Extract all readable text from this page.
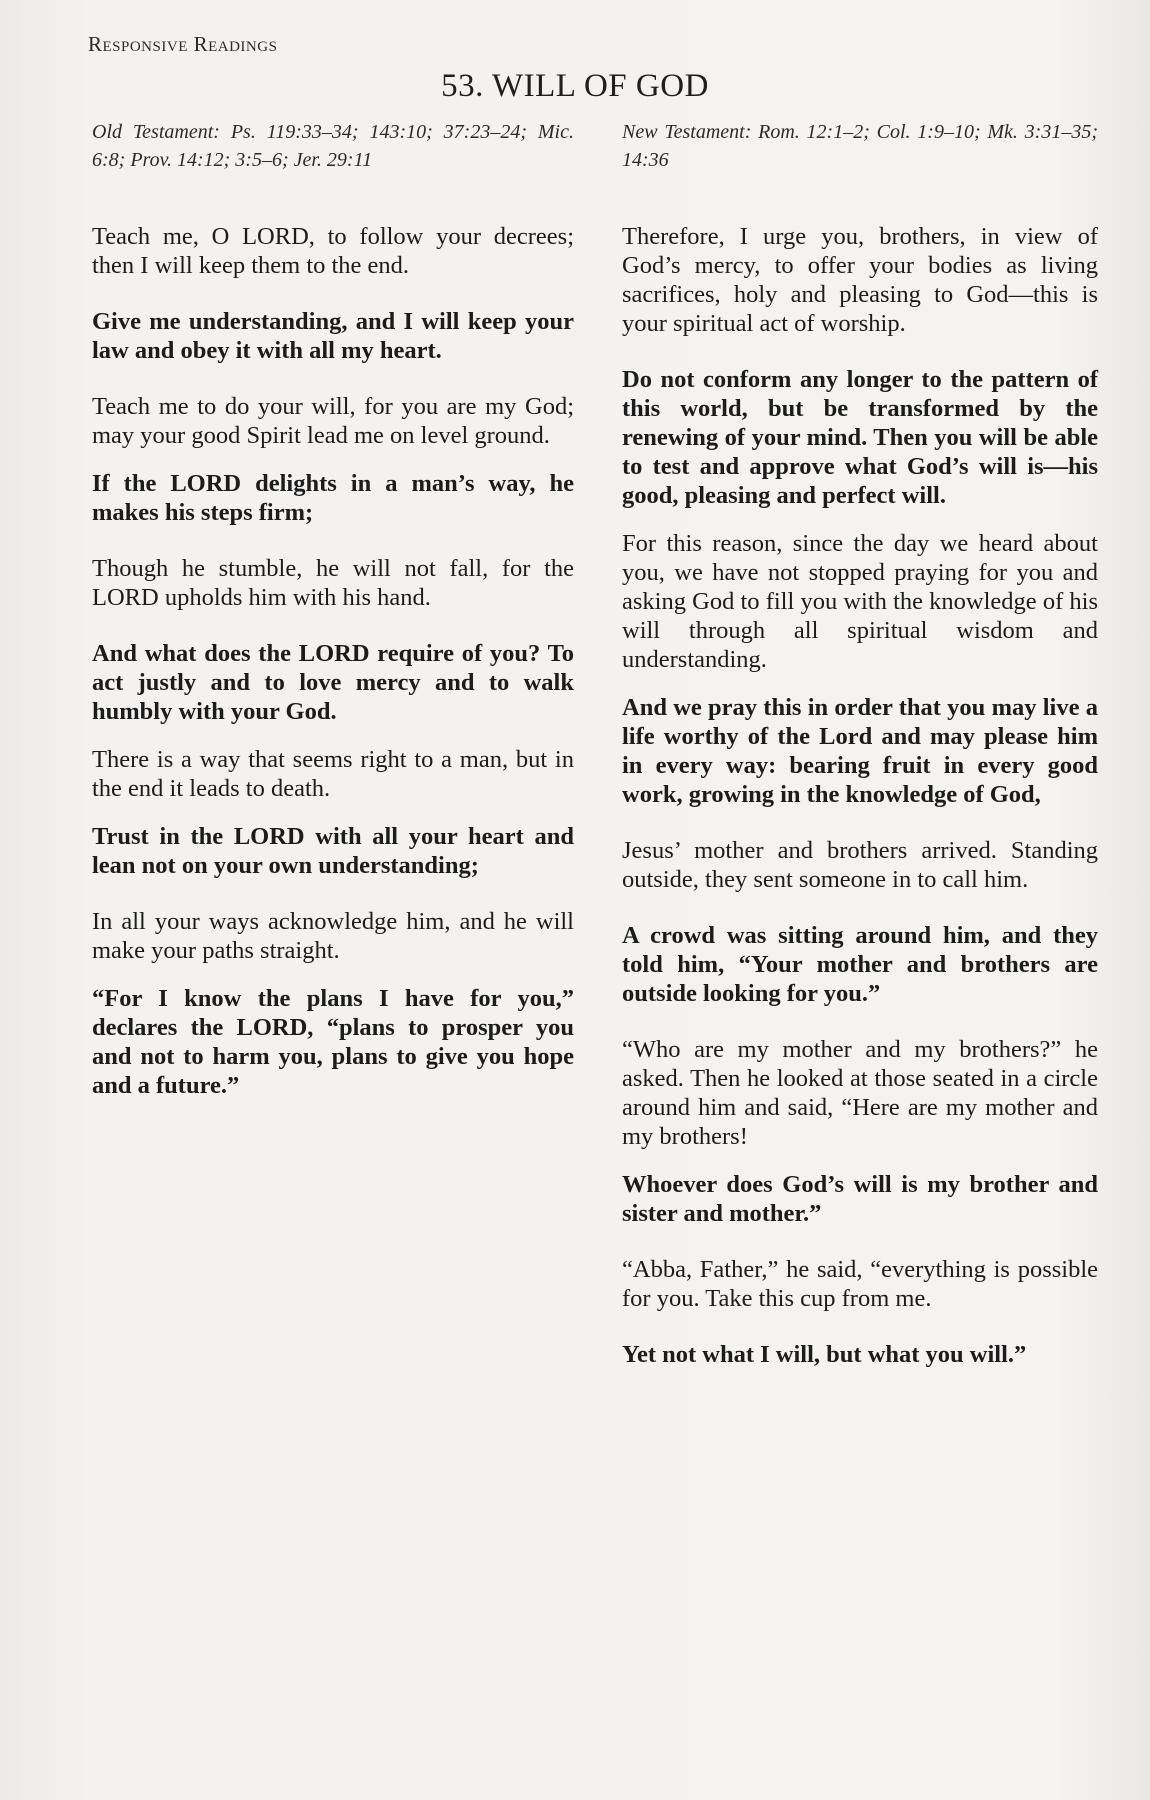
Responsive Readings
53. WILL OF GOD

Old Testament: Ps. 119:33–34; 143:10; 37:23–24; Mic. 6:8; Prov. 14:12; 3:5–6; Jer. 29:11

Teach me, O LORD, to follow your decrees; then I will keep them to the end.

Give me understanding, and I will keep your law and obey it with all my heart.

Teach me to do your will, for you are my God; may your good Spirit lead me on level ground.

If the LORD delights in a man’s way, he makes his steps firm;

Though he stumble, he will not fall, for the LORD upholds him with his hand.

And what does the LORD require of you? To act justly and to love mercy and to walk humbly with your God.

There is a way that seems right to a man, but in the end it leads to death.

Trust in the LORD with all your heart and lean not on your own understanding;

In all your ways acknowledge him, and he will make your paths straight.

“For I know the plans I have for you,” declares the LORD, “plans to prosper you and not to harm you, plans to give you hope and a future.”

New Testament: Rom. 12:1–2; Col. 1:9–10; Mk. 3:31–35; 14:36

Therefore, I urge you, brothers, in view of God’s mercy, to offer your bodies as living sacrifices, holy and pleasing to God—this is your spiritual act of worship.

Do not conform any longer to the pattern of this world, but be transformed by the renewing of your mind. Then you will be able to test and approve what God’s will is—his good, pleasing and perfect will.

For this reason, since the day we heard about you, we have not stopped praying for you and asking God to fill you with the knowledge of his will through all spiritual wisdom and understanding.

And we pray this in order that you may live a life worthy of the Lord and may please him in every way: bearing fruit in every good work, growing in the knowledge of God,

Jesus’ mother and brothers arrived. Standing outside, they sent someone in to call him.

A crowd was sitting around him, and they told him, “Your mother and brothers are outside looking for you.”

“Who are my mother and my brothers?” he asked. Then he looked at those seated in a circle around him and said, “Here are my mother and my brothers!

Whoever does God’s will is my brother and sister and mother.”

“Abba, Father,” he said, “everything is possible for you. Take this cup from me.

Yet not what I will, but what you will.”
